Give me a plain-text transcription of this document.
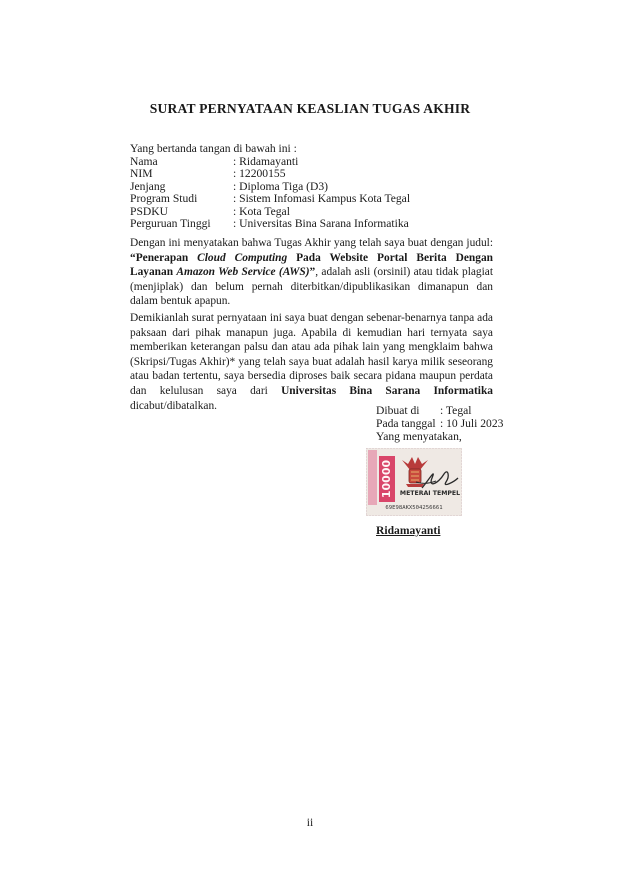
SURAT PERNYATAAN KEASLIAN TUGAS AKHIR
Yang bertanda tangan di bawah ini :
Nama	: Ridamayanti
NIM	: 12200155
Jenjang	: Diploma Tiga (D3)
Program Studi	: Sistem Infomasi Kampus Kota Tegal
PSDKU	: Kota Tegal
Perguruan Tinggi : Universitas Bina Sarana Informatika
Dengan ini menyatakan bahwa Tugas Akhir yang telah saya buat dengan judul: “Penerapan Cloud Computing Pada Website Portal Berita Dengan Layanan Amazon Web Service (AWS)”, adalah asli (orsinil) atau tidak plagiat (menjiplak) dan belum pernah diterbitkan/dipublikasikan dimanapun dan dalam bentuk apapun.
Demikianlah surat pernyataan ini saya buat dengan sebenar-benarnya tanpa ada paksaan dari pihak manapun juga. Apabila di kemudian hari ternyata saya memberikan keterangan palsu dan atau ada pihak lain yang mengklaim bahwa (Skripsi/Tugas Akhir)* yang telah saya buat adalah hasil karya milik seseorang atau badan tertentu, saya bersedia diproses baik secara pidana maupun perdata dan kelulusan saya dari Universitas Bina Sarana Informatika dicabut/dibatalkan.	Dibuat di : Tegal
Pada tanggal : 10 Juli 2023
Yang menyatakan,
10000 METERAI TEMPEL
69E98AKX504256661
Ridamayanti
ii
